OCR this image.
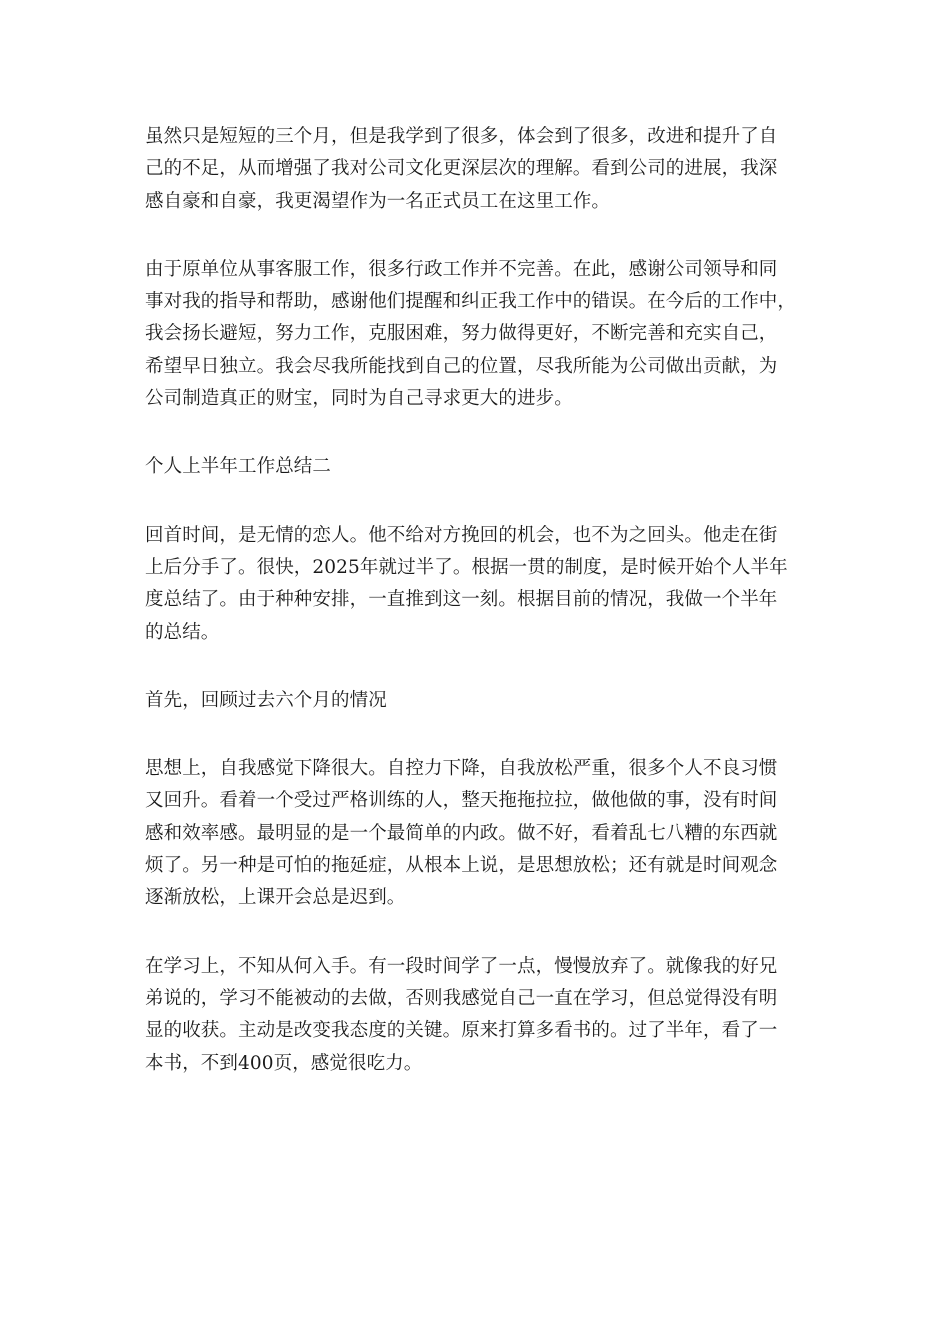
虽然只是短短的三个月，但是我学到了很多，体会到了很多，改进和提升了自
己的不足，从而增强了我对公司文化更深层次的理解。看到公司的进展，我深
感自豪和自豪，我更渴望作为一名正式员工在这里工作。
由于原单位从事客服工作，很多行政工作并不完善。在此，感谢公司领导和同
事对我的指导和帮助，感谢他们提醒和纠正我工作中的错误。在今后的工作中，
我会扬长避短，努力工作，克服困难，努力做得更好，不断完善和充实自己，
希望早日独立。我会尽我所能找到自己的位置，尽我所能为公司做出贡献，为
公司制造真正的财宝，同时为自己寻求更大的进步。
个人上半年工作总结二
回首时间，是无情的恋人。他不给对方挽回的机会，也不为之回头。他走在街
上后分手了。很快，2025年就过半了。根据一贯的制度，是时候开始个人半年
度总结了。由于种种安排，一直推到这一刻。根据目前的情况，我做一个半年
的总结。
首先，回顾过去六个月的情况
思想上，自我感觉下降很大。自控力下降，自我放松严重，很多个人不良习惯
又回升。看着一个受过严格训练的人，整天拖拖拉拉，做他做的事，没有时间
感和效率感。最明显的是一个最简单的内政。做不好，看着乱七八糟的东西就
烦了。另一种是可怕的拖延症，从根本上说，是思想放松；还有就是时间观念
逐渐放松，上课开会总是迟到。
在学习上，不知从何入手。有一段时间学了一点，慢慢放弃了。就像我的好兄
弟说的，学习不能被动的去做，否则我感觉自己一直在学习，但总觉得没有明
显的收获。主动是改变我态度的关键。原来打算多看书的。过了半年，看了一
本书，不到400页，感觉很吃力。
